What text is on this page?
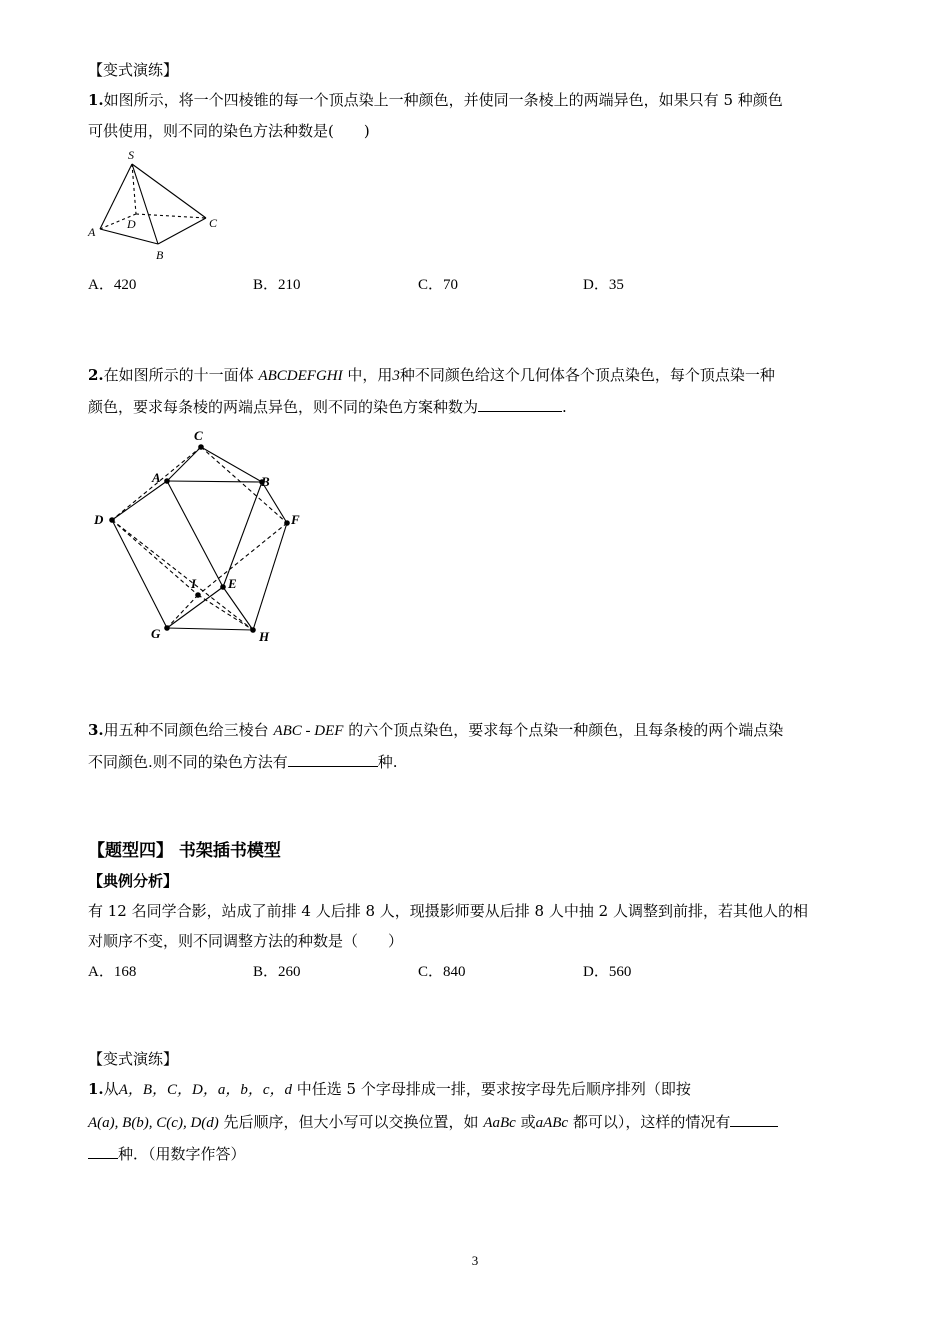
【变式演练】
1.如图所示，将一个四棱锥的每一个顶点染上一种颜色，并使同一条棱上的两端异色，如果只有 5 种颜色
可供使用，则不同的染色方法种数是(　　)
S
A
D
B
C
A．420	B．210	C．70	D．35
2.在如图所示的十一面体 ABCDEFGHI 中，用3种不同颜色给这个几何体各个顶点染色，每个顶点染一种
颜色，要求每条棱的两端点异色，则不同的染色方案种数为	.
C
A	B
D	F
I E
G	H
3.用五种不同颜色给三棱台 ABC - DEF 的六个顶点染色，要求每个点染一种颜色，且每条棱的两个端点染
不同颜色.则不同的染色方法有	种.
【题型四】 书架插书模型
【典例分析】
有 12 名同学合影，站成了前排 4 人后排 8 人，现摄影师要从后排 8 人中抽 2 人调整到前排，若其他人的相
对顺序不变，则不同调整方法的种数是（　　）
A．168	B．260	C．840	D．560
【变式演练】
1.从A，B，C，D，a，b，c，d 中任选 5 个字母排成一排，要求按字母先后顺序排列（即按
A(a), B(b), C(c), D(d) 先后顺序，但大小写可以交换位置，如 AaBc 或aABc 都可以），这样的情况有
种．（用数字作答）
3
